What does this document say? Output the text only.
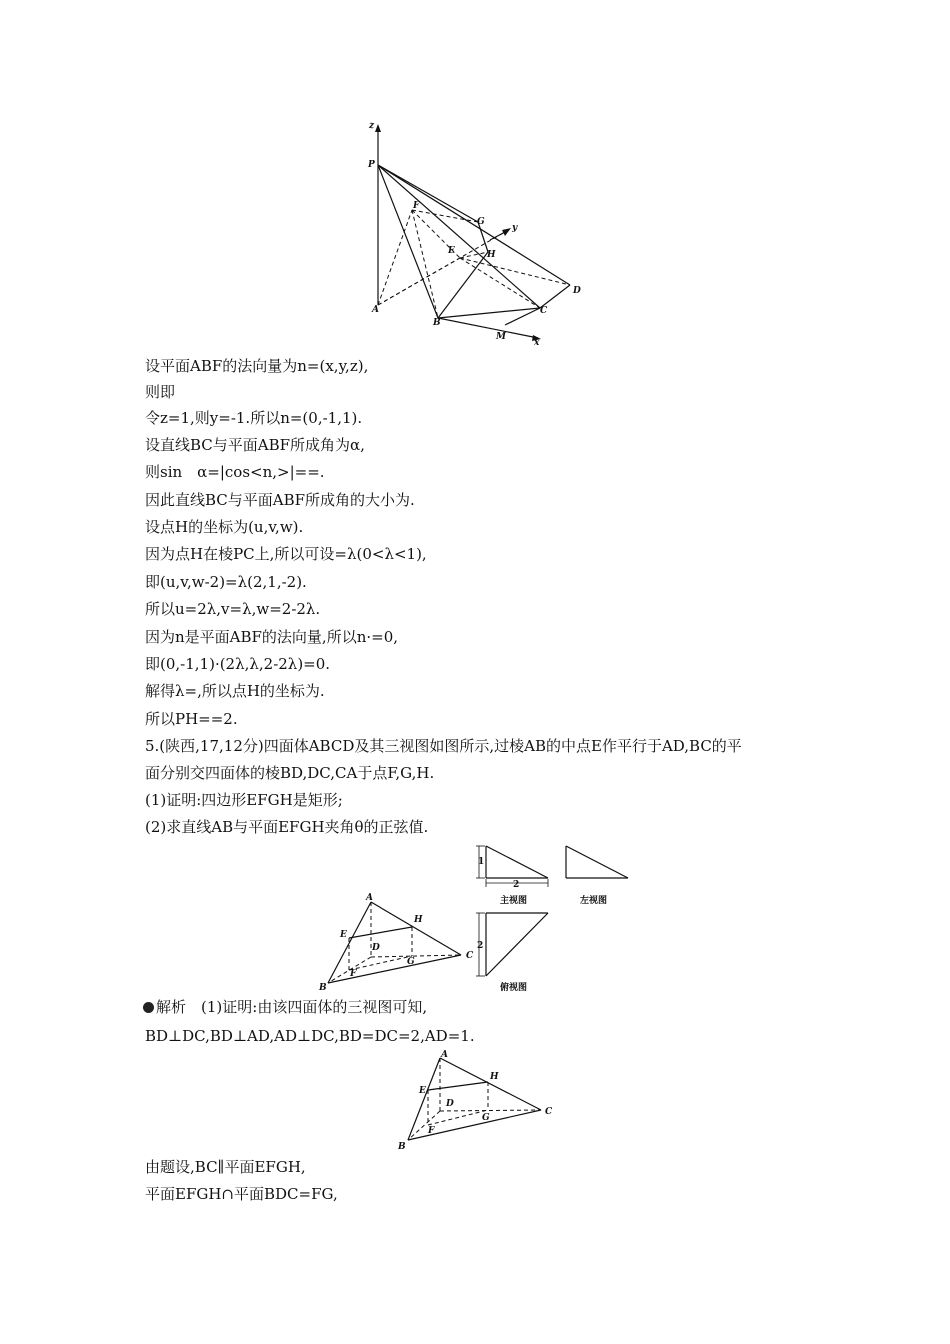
z
P
F
G
y
E	H
D
A
B
C
M
x
设平面ABF的法向量为n=(x,y,z),
则即
令z=1,则y=-1.所以n=(0,-1,1).
设直线BC与平面ABF所成角为α,
则sin　α=|cos<n,>|==.
因此直线BC与平面ABF所成角的大小为.
设点H的坐标为(u,v,w).
因为点H在棱PC上,所以可设=λ(0<λ<1),
即(u,v,w-2)=λ(2,1,-2).
所以u=2λ,v=λ,w=2-2λ.
因为n是平面ABF的法向量,所以n·=0,
即(0,-1,1)·(2λ,λ,2-2λ)=0.
解得λ=,所以点H的坐标为.
所以PH==2.
5.(陕西,17,12分)四面体ABCD及其三视图如图所示,过棱AB的中点E作平行于AD,BC的平
面分别交四面体的棱BD,DC,CA于点F,G,H.
(1)证明:四边形EFGH是矩形;
(2)求直线AB与平面EFGH夹角θ的正弦值.
A
H
E
D
G
C
F
B
1
2
主视图	左视图
2
俯视图
解析　 (1)证明:由该四面体的三视图可知,
BD⊥DC,BD⊥AD,AD⊥DC,BD=DC=2,AD=1.
A
H
E
D
G
C
F
B
由题设,BC∥平面EFGH,
平面EFGH∩平面BDC=FG,
